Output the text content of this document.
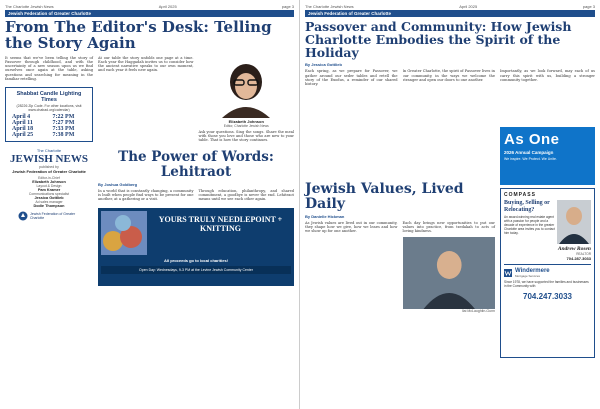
The Charlotte Jewish News	April 2025	page 3
Jewish Federation of Greater Charlotte
From The Editor's Desk: Telling the Story Again

It seems that we've been telling the story of Passover through childhood, and with the uncertainty of a new season upon us we find ourselves once again at the table, asking questions and searching for meaning in the familiar retelling.

Shabbat Candle Lighting Times
(28226 Zip Code. For other locations, visit www.chabad.org/calendar)
April 4	7:22 PM
April 11	7:27 PM
April 18	7:33 PM
April 25	7:38 PM
The Charlotte
JEWISH NEWS
published by
Jewish Federation of Greater Charlotte
Editor-in-Chief
Elizabeth Johnson
Layout & Design
Pam Kramer
Communications specialist
Jessica Gottlieb
Ad sales manager
Dodie Thompson
Jewish Federation of Greater Charlotte

At our table the story unfolds one page at a time. Each year the Haggadah invites us to consider how the ancient narrative speaks to our own moment, and each year it feels new again.

Elizabeth Johnson
Editor, Charlotte Jewish News

Ask your questions. Sing the songs. Share the meal with those you love and those who are new to your table. That is how the story continues.

The Power of Words: Lehitraot
By Joshua Goldberg

In a world that is constantly changing, a community is built when people find ways to be present for one another, at a gathering or a visit.

Through education, philanthropy, and shared commitment, a goodbye is never the end. Lehitraot means until we see each other again.

YOURS TRULY NEEDLEPOINT + KNITTING
All proceeds go to local charities!
Open Day: Wednesdays, 9-3 PM at the Levine Jewish Community Center
The Charlotte Jewish News	April 2025	page 3
Jewish Federation of Greater Charlotte
Passover and Community: How Jewish Charlotte Embodies the Spirit of the Holiday
By Jessica Gottlieb

Each spring, as we prepare for Passover, we gather around our seder tables and retell the story of the Exodus, a reminder of our shared history.

In Greater Charlotte, the spirit of Passover lives in our community, in the ways we welcome the stranger and open our doors to one another.

Jewish Values, Lived Daily
By Danielle Hickman

As Jewish values are lived out in our community, they shape how we give, how we learn and how we show up for one another.

Each day brings new opportunities to put our values into practice, from tzedakah to acts of loving kindness.

Ilai McLaughlin-Gunn

Importantly, as we look forward, may each of us carry this spirit with us, building a stronger community together.

As One
2026 Annual Campaign
We inspire. We Protect. We Unite.
COMPASS
Buying, Selling or Relocating?
An award-winning real estate agent with a passion for people and a decade of experience in the greater Charlotte area invites you to contact him today.
Andrew Rosen
REALTOR
704.287.3033
Windermere
Mortgage Services
Since 1978, we have supported the families and businesses in the Community with
704.247.3033
